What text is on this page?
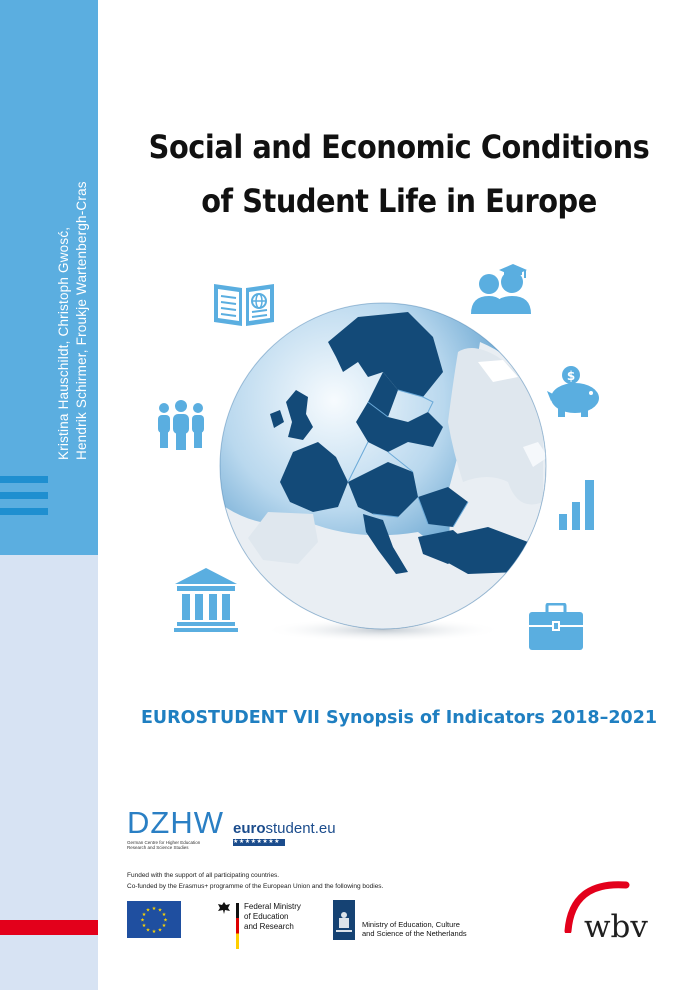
Kristina Hauschildt, Christoph Gwosć, Hendrik Schirmer, Froukje Wartenbergh-Cras
Social and Economic Conditions
of Student Life in Europe
$
EUROSTUDENT VII Synopsis of Indicators 2018–2021
DZHW
German Centre for Higher Education Research and Science Studies
eurostudent.eu
★★★★★★★★
Funded with the support of all participating countries.
Co-funded by the Erasmus+ programme of the European Union and the following bodies.
★ ★
★
★
★
★
★
★
★
★
★
★	Federal Ministry
of Education
and Research	Ministry of Education, Culture
and Science of the Netherlands	wbv
